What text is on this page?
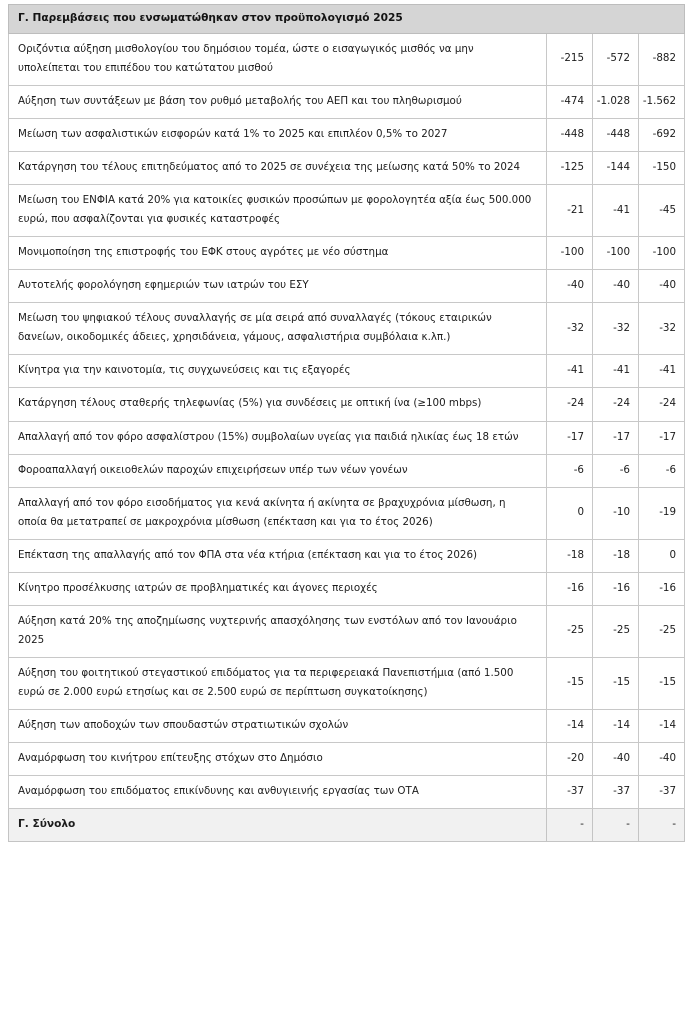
Γ. Παρεμβάσεις που ενσωματώθηκαν στον προϋπολογισμό 2025			
Οριζόντια αύξηση μισθολογίου του δημόσιου τομέα, ώστε ο εισαγωγικός μισθός να μην υπολείπεται του επιπέδου του κατώτατου μισθού	-215	-572	-882
Αύξηση των συντάξεων με βάση τον ρυθμό μεταβολής του ΑΕΠ και του πληθωρισμού	-474	-1.028	-1.562
Μείωση των ασφαλιστικών εισφορών κατά 1% το 2025 και επιπλέον 0,5% το 2027	-448	-448	-692
Κατάργηση του τέλους επιτηδεύματος από το 2025 σε συνέχεια της μείωσης κατά 50% το 2024	-125	-144	-150
Μείωση του ΕΝΦΙΑ κατά 20% για κατοικίες φυσικών προσώπων με φορολογητέα αξία έως 500.000 ευρώ, που ασφαλίζονται για φυσικές καταστροφές	-21	-41	-45
Μονιμοποίηση της επιστροφής του ΕΦΚ στους αγρότες με νέο σύστημα	-100	-100	-100
Αυτοτελής φορολόγηση εφημεριών των ιατρών του ΕΣΥ	-40	-40	-40
Μείωση του ψηφιακού τέλους συναλλαγής σε μία σειρά από συναλλαγές (τόκους εταιρικών δανείων, οικοδομικές άδειες, χρησιδάνεια, γάμους, ασφαλιστήρια συμβόλαια κ.λπ.)	-32	-32	-32
Κίνητρα για την καινοτομία, τις συγχωνεύσεις και τις εξαγορές	-41	-41	-41
Κατάργηση τέλους σταθερής τηλεφωνίας (5%) για συνδέσεις με οπτική ίνα (≥100 mbps)	-24	-24	-24
Απαλλαγή από τον φόρο ασφαλίστρου (15%) συμβολαίων υγείας για παιδιά ηλικίας έως 18 ετών	-17	-17	-17
Φοροαπαλλαγή οικειοθελών παροχών επιχειρήσεων υπέρ των νέων γονέων	-6	-6	-6
Απαλλαγή από τον φόρο εισοδήματος για κενά ακίνητα ή ακίνητα σε βραχυχρόνια μίσθωση, η οποία θα μετατραπεί σε μακροχρόνια μίσθωση (επέκταση και για το έτος 2026)	0	-10	-19
Επέκταση της απαλλαγής από τον ΦΠΑ στα νέα κτήρια (επέκταση και για το έτος 2026)	-18	-18	0
Κίνητρο προσέλκυσης ιατρών σε προβληματικές και άγονες περιοχές	-16	-16	-16
Αύξηση κατά 20% της αποζημίωσης νυχτερινής απασχόλησης των ενστόλων από τον Ιανουάριο 2025	-25	-25	-25
Αύξηση του φοιτητικού στεγαστικού επιδόματος για τα περιφερειακά Πανεπιστήμια (από 1.500 ευρώ σε 2.000 ευρώ ετησίως και σε 2.500 ευρώ σε περίπτωση συγκατοίκησης)	-15	-15	-15
Αύξηση των αποδοχών των σπουδαστών στρατιωτικών σχολών	-14	-14	-14
Αναμόρφωση του κινήτρου επίτευξης στόχων στο Δημόσιο	-20	-40	-40
Αναμόρφωση του επιδόματος επικίνδυνης και ανθυγιεινής εργασίας των ΟΤΑ	-37	-37	-37
Γ. Σύνολο	-	-	-
